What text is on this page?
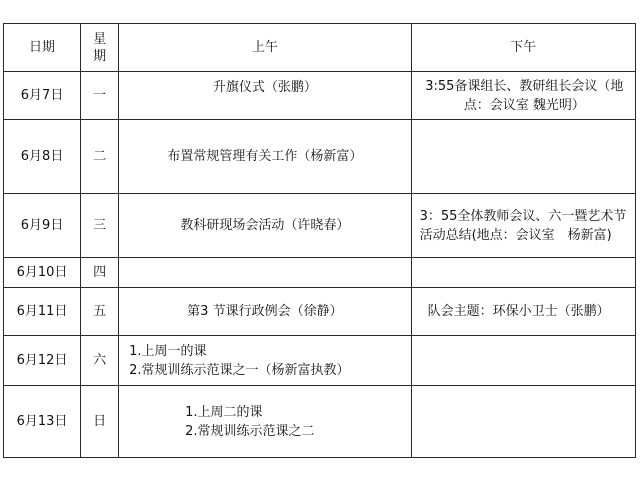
日期	星期	上午	下午
6月7日	一	升旗仪式（张鹏）	3:55备课组长、教研组长会议（地点：会议室 魏光明）
6月8日	二	布置常规管理有关工作（杨新富）	
6月9日	三	教科研现场会活动（许晓春）	3：55全体教师会议、六一暨艺术节活动总结(地点：会议室　杨新富)
6月10日	四		
6月11日	五	第3 节课行政例会（徐静）	队会主题：环保小卫士（张鹏）
6月12日	六	1.上周一的课
2.常规训练示范课之一（杨新富执教）	

6月13日	日	1.上周二的课
2.常规训练示范课之二	
